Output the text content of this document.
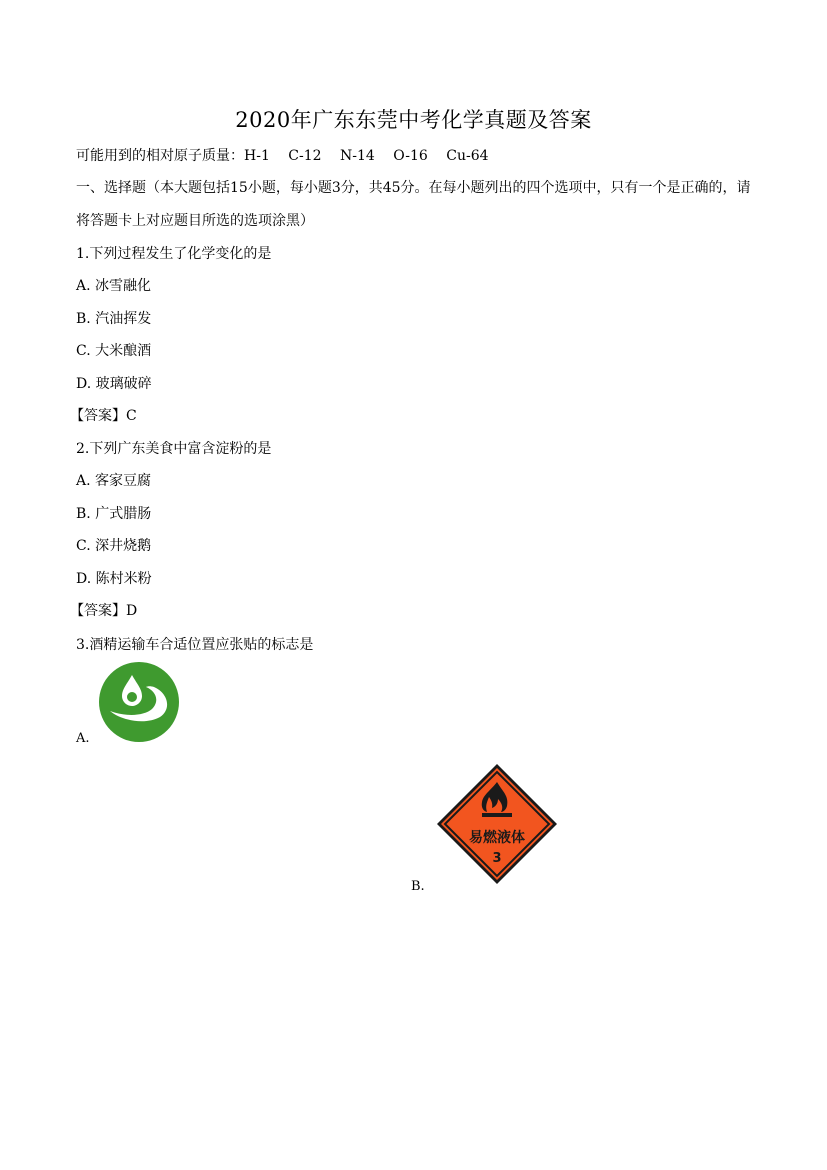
2020年广东东莞中考化学真题及答案
可能用到的相对原子质量：H-1　 C-12　 N-14　 O-16　 Cu-64
一、选择题（本大题包括15小题，每小题3分，共45分。在每小题列出的四个选项中，只有一个是正确的，请将答题卡上对应题目所选的选项涂黑）
1.下列过程发生了化学变化的是
A. 冰雪融化
B. 汽油挥发
C. 大米酿酒
D. 玻璃破碎
【答案】C
2.下列广东美食中富含淀粉的是
A. 客家豆腐
B. 广式腊肠
C. 深井烧鹅
D. 陈村米粉
【答案】D
3.酒精运输车合适位置应张贴的标志是
A.
易燃液体
3
B.
